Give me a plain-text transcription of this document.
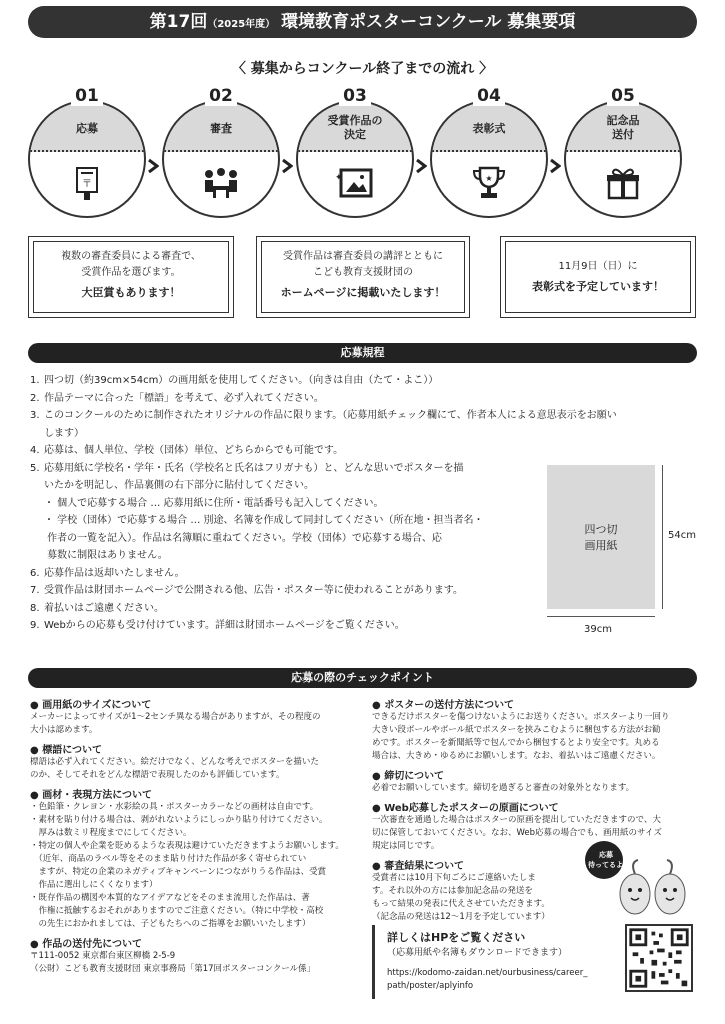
第17回（2025年度） 環境教育ポスターコンクール 募集要項
〈 募集からコンクール終了までの流れ 〉
応募
〒
審査
受賞作品の
決定
✦
表彰式
★
記念品
送付
01	02	03	04	05
複数の審査委員による審査で、
受賞作品を選びます。
大臣賞もあります！
受賞作品は審査委員の講評とともに
こども教育支援財団の
ホームページに掲載いたします！
11月9日（日）に
表彰式を予定しています！
応募規程
1. 四つ切（約39cm×54cm）の画用紙を使用してください。（向きは自由（たて・よこ））
2. 作品テーマに合った「標語」を考えて、必ず入れてください。
3. このコンクールのために制作されたオリジナルの作品に限ります。（応募用紙チェック欄にて、作者本人による意思表示をお願い
します）
4. 応募は、個人単位、学校（団体）単位、どちらからでも可能です。
5. 応募用紙に学校名・学年・氏名（学校名と氏名はフリガナも）と、どんな思いでポスターを描
いたかを明記し、作品裏側の右下部分に貼付してください。
・ 個人で応募する場合 … 応募用紙に住所・電話番号も記入してください。
・ 学校（団体）で応募する場合 … 別途、名簿を作成して同封してください（所在地・担当者名・
作者の一覧を記入）。作品は名簿順に重ねてください。学校（団体）で応募する場合、応
募数に制限はありません。
6. 応募作品は返却いたしません。
7. 受賞作品は財団ホームページで公開される他、広告・ポスター等に使われることがあります。
8. 着払いはご遠慮ください。
9. Webからの応募も受け付けています。詳細は財団ホームページをご覧ください。
四つ切
画用紙
54cm
39cm
応募の際のチェックポイント
● 画用紙のサイズについて
メーカーによってサイズが1～2センチ異なる場合がありますが、その程度の
大小は認めます。
● 標語について
標語は必ず入れてください。絵だけでなく、どんな考えでポスターを描いた
のか、そしてそれをどんな標語で表現したのかも評価しています。
● 画材・表現方法について
・色鉛筆・クレヨン・水彩絵の具・ポスターカラーなどの画材は自由です。
・素材を貼り付ける場合は、剥がれないようにしっかり貼り付けてください。
　厚みは数ミリ程度までにしてください。
・特定の個人や企業を貶めるような表現は避けていただきますようお願いします。
　（近年、商品のラベル等をそのまま貼り付けた作品が多く寄せられてい
　ますが、特定の企業のネガティブキャンペーンにつながりうる作品は、受賞
　作品に選出しにくくなります）
・既存作品の構図や本質的なアイデアなどをそのまま流用した作品は、著
　作権に抵触するおそれがありますのでご注意ください。（特に中学校・高校
　の先生におかれましては、子どもたちへのご指導をお願いいたします）
● 作品の送付先について
〒111-0052 東京都台東区柳橋 2-5-9
（公財）こども教育支援財団 東京事務局「第17回ポスターコンクール係」
● ポスターの送付方法について
できるだけポスターを傷つけないようにお送りください。ポスターより一回り
大きい段ボールやボール紙でポスターを挟みこむように梱包する方法がお勧
めです。ポスターを新聞紙等で包んでから梱包するとより安全です。丸める
場合は、大きめ・ゆるめにお願いします。なお、着払いはご遠慮ください。
● 締切について
必着でお願いしています。締切を過ぎると審査の対象外となります。
● Web応募したポスターの原画について
一次審査を通過した場合はポスターの原画を提出していただきますので、大
切に保管しておいてください。なお、Web応募の場合でも、画用紙のサイズ
規定は同じです。
● 審査結果について
受賞者には10月下旬ごろにご連絡いたしま
す。それ以外の方には参加記念品の発送を
もって結果の発表に代えさせていただきます。
（記念品の発送は12～1月を予定しています）
応募
待ってるよ！
詳しくはHPをご覧ください
（応募用紙や名簿もダウンロードできます）
https://kodomo-zaidan.net/ourbusiness/career_
path/poster/aplyinfo
